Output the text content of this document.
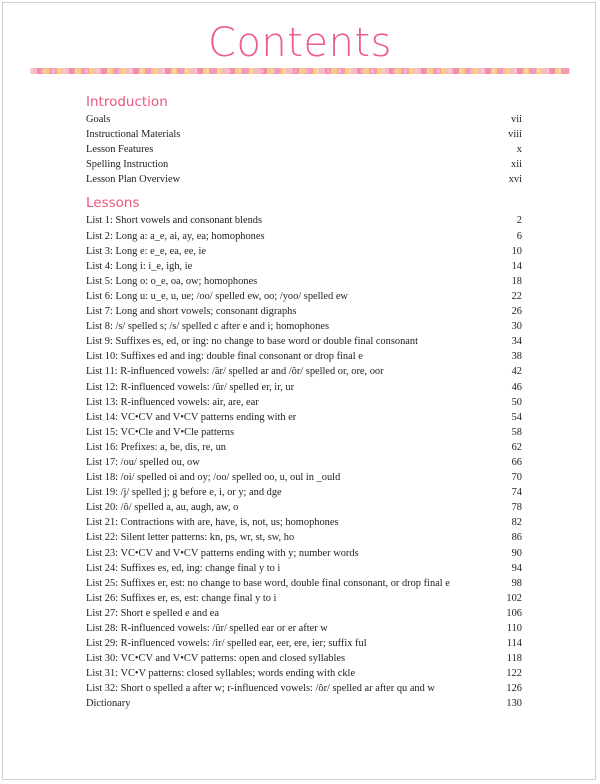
Contents
Introduction
Goals	vii
Instructional Materials	viii
Lesson Features	x
Spelling Instruction	xii
Lesson Plan Overview	xvi
Lessons
List 1: Short vowels and consonant blends	2
List 2: Long a: a_e, ai, ay, ea; homophones	6
List 3: Long e: e_e, ea, ee, ie	10
List 4: Long i: i_e, igh, ie	14
List 5: Long o: o_e, oa, ow; homophones	18
List 6: Long u: u_e, u, ue; /oo/ spelled ew, oo; /yoo/ spelled ew	22
List 7: Long and short vowels; consonant digraphs	26
List 8: /s/ spelled s; /s/ spelled c after e and i; homophones	30
List 9: Suffixes es, ed, or ing: no change to base word or double final consonant	34
List 10: Suffixes ed and ing: double final consonant or drop final e	38
List 11: R-influenced vowels: /är/ spelled ar and /ôr/ spelled or, ore, oor	42
List 12: R-influenced vowels: /ûr/ spelled er, ir, ur	46
List 13: R-influenced vowels: air, are, ear	50
List 14: VC•CV and V•CV patterns ending with er	54
List 15: VC•Cle and V•Cle patterns	58
List 16: Prefixes: a, be, dis, re, un	62
List 17: /ou/ spelled ou, ow	66
List 18: /oi/ spelled oi and oy; /oo/ spelled oo, u, oul in _ould	70
List 19: /j/ spelled j; g before e, i, or y; and dge	74
List 20: /ô/ spelled a, au, augh, aw, o	78
List 21: Contractions with are, have, is, not, us; homophones	82
List 22: Silent letter patterns: kn, ps, wr, st, sw, ho	86
List 23: VC•CV and V•CV patterns ending with y; number words	90
List 24: Suffixes es, ed, ing: change final y to i	94
List 25: Suffixes er, est: no change to base word, double final consonant, or drop final e	98
List 26: Suffixes er, es, est: change final y to i	102
List 27: Short e spelled e and ea	106
List 28: R-influenced vowels: /ûr/ spelled ear or er after w	110
List 29: R-influenced vowels: /ir/ spelled ear, eer, ere, ier; suffix ful	114
List 30: VC•CV and V•CV patterns: open and closed syllables	118
List 31: VC•V patterns: closed syllables; words ending with ckle	122
List 32: Short o spelled a after w; r-influenced vowels: /ôr/ spelled ar after qu and w	126
Dictionary	130
